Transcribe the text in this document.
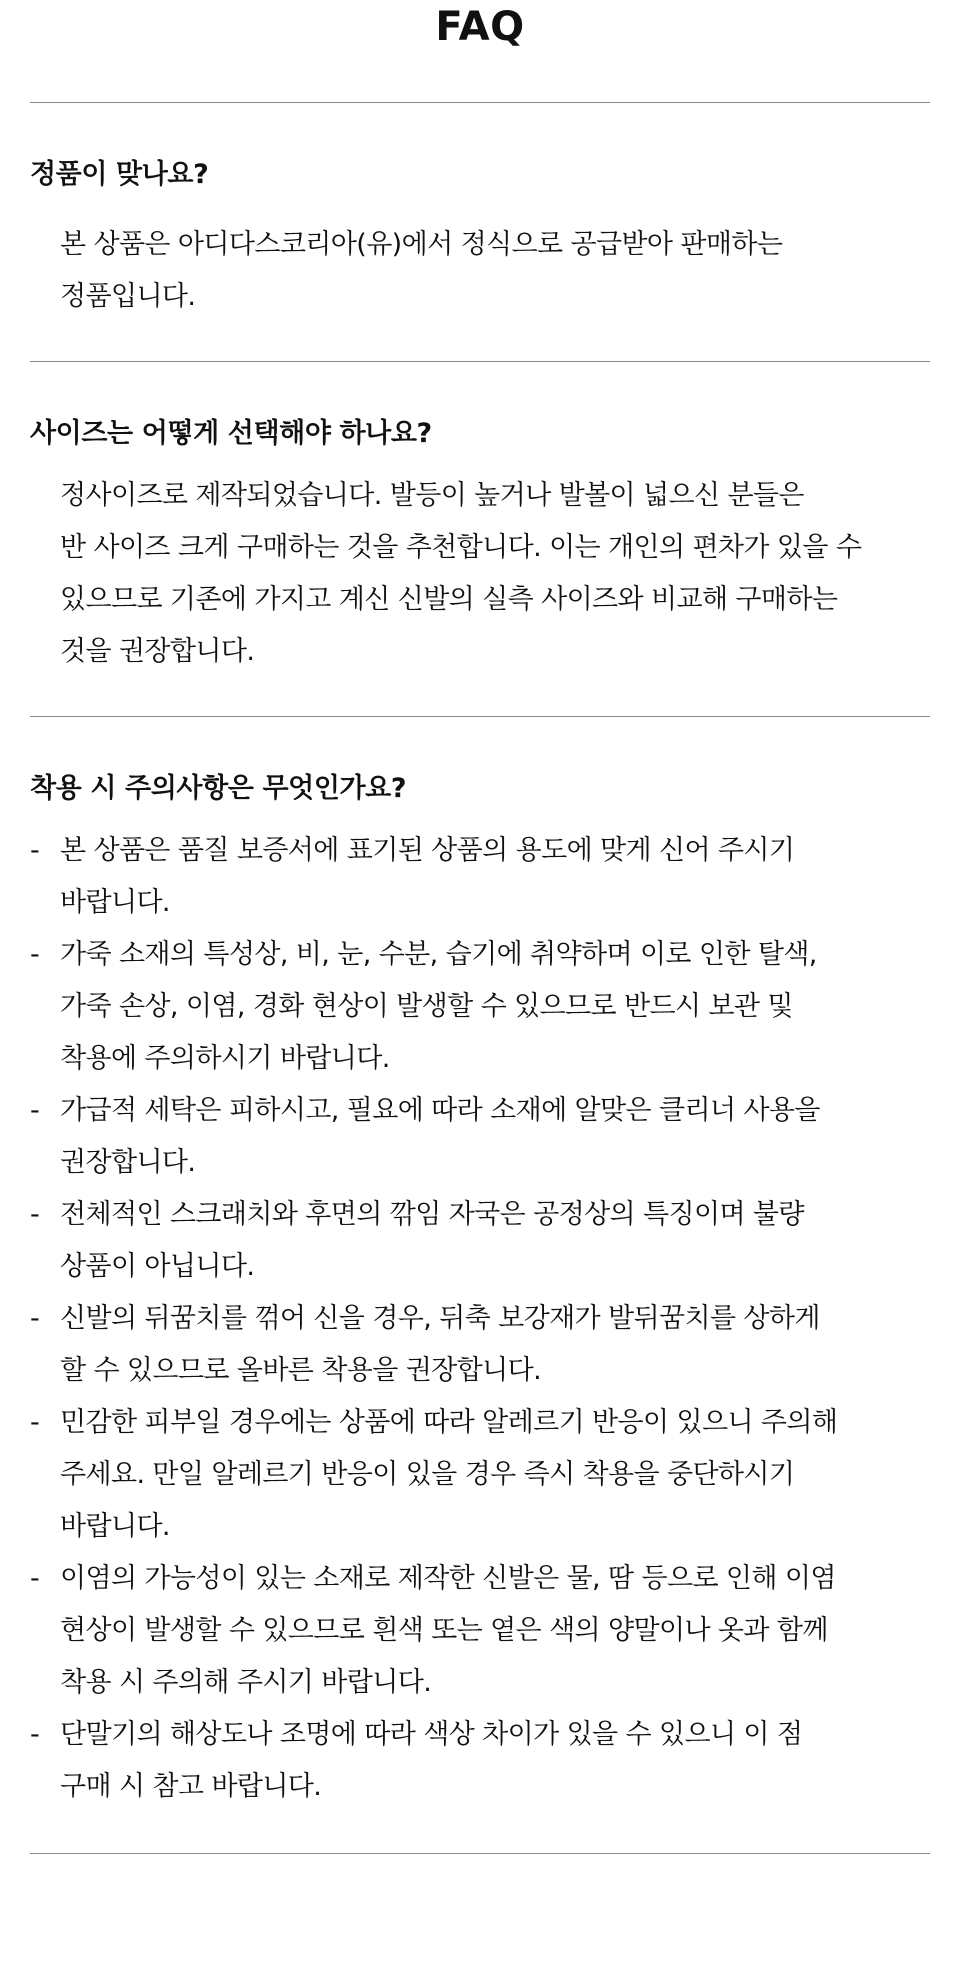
FAQ
정품이 맞나요?

본 상품은 아디다스코리아(유)에서 정식으로 공급받아 판매하는
정품입니다.

사이즈는 어떻게 선택해야 하나요?

정사이즈로 제작되었습니다. 발등이 높거나 발볼이 넓으신 분들은
반 사이즈 크게 구매하는 것을 추천합니다. 이는 개인의 편차가 있을 수
있으므로 기존에 가지고 계신 신발의 실측 사이즈와 비교해 구매하는
것을 권장합니다.

착용 시 주의사항은 무엇인가요?
- 본 상품은 품질 보증서에 표기된 상품의 용도에 맞게 신어 주시기
바랍니다.
- 가죽 소재의 특성상, 비, 눈, 수분, 습기에 취약하며 이로 인한 탈색,
가죽 손상, 이염, 경화 현상이 발생할 수 있으므로 반드시 보관 및
착용에 주의하시기 바랍니다.
- 가급적 세탁은 피하시고, 필요에 따라 소재에 알맞은 클리너 사용을
권장합니다.
- 전체적인 스크래치와 후면의 깎임 자국은 공정상의 특징이며 불량
상품이 아닙니다.
- 신발의 뒤꿈치를 꺾어 신을 경우, 뒤축 보강재가 발뒤꿈치를 상하게
할 수 있으므로 올바른 착용을 권장합니다.
- 민감한 피부일 경우에는 상품에 따라 알레르기 반응이 있으니 주의해
주세요. 만일 알레르기 반응이 있을 경우 즉시 착용을 중단하시기
바랍니다.
- 이염의 가능성이 있는 소재로 제작한 신발은 물, 땀 등으로 인해 이염
현상이 발생할 수 있으므로 흰색 또는 옅은 색의 양말이나 옷과 함께
착용 시 주의해 주시기 바랍니다.
- 단말기의 해상도나 조명에 따라 색상 차이가 있을 수 있으니 이 점
구매 시 참고 바랍니다.
